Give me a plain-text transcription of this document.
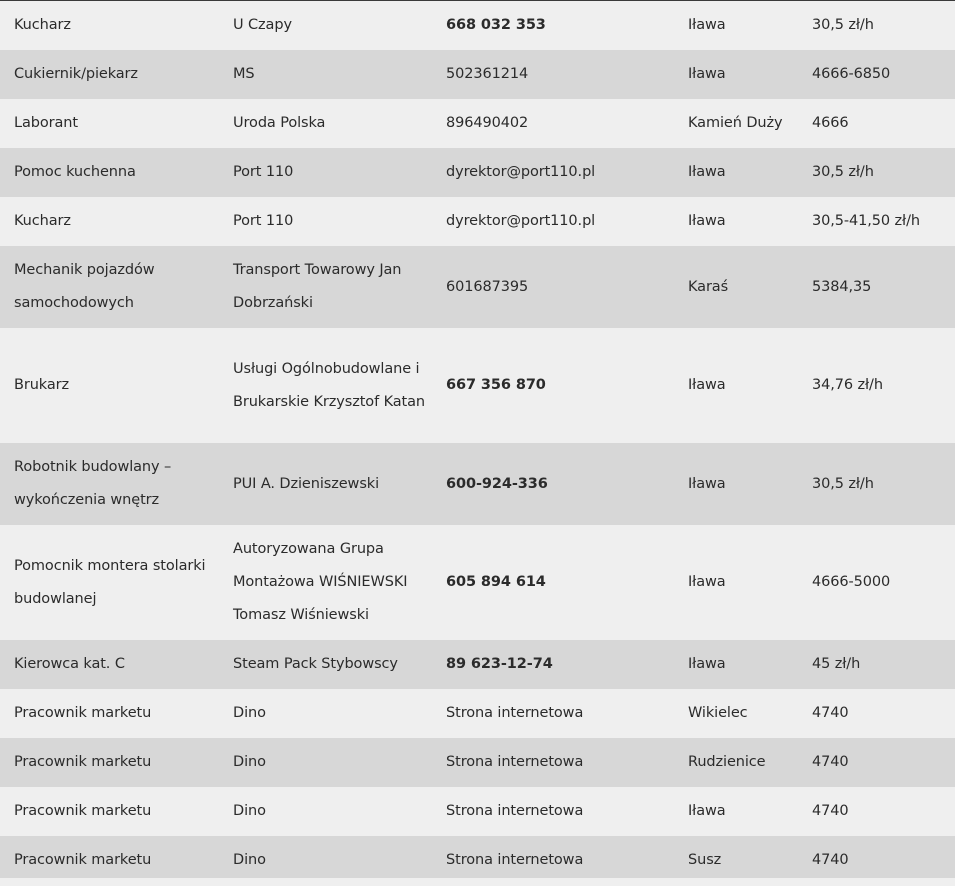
Kucharz	U Czapy	668 032 353	Iława	30,5 zł/h
Cukiernik/piekarz	MS	502361214	Iława	4666-6850
Laborant	Uroda Polska	896490402	Kamień Duży	4666
Pomoc kuchenna	Port 110	dyrektor@port110.pl	Iława	30,5 zł/h
Kucharz	Port 110	dyrektor@port110.pl	Iława	30,5-41,50 zł/h
Mechanik pojazdów samochodowych	Transport Towarowy Jan Dobrzański	601687395	Karaś	5384,35
Brukarz	Usługi Ogólnobudowlane i Brukarskie Krzysztof Katan	667 356 870	Iława	34,76 zł/h
Robotnik budowlany – wykończenia wnętrz	PUI A. Dzieniszewski	600-924-336	Iława	30,5 zł/h
Pomocnik montera stolarki budowlanej	Autoryzowana Grupa Montażowa WIŚNIEWSKI Tomasz Wiśniewski	605 894 614	Iława	4666-5000
Kierowca kat. C	Steam Pack Stybowscy	89 623-12-74	Iława	45 zł/h
Pracownik marketu	Dino	Strona internetowa	Wikielec	4740
Pracownik marketu	Dino	Strona internetowa	Rudzienice	4740
Pracownik marketu	Dino	Strona internetowa	Iława	4740
Pracownik marketu	Dino	Strona internetowa	Susz	4740
